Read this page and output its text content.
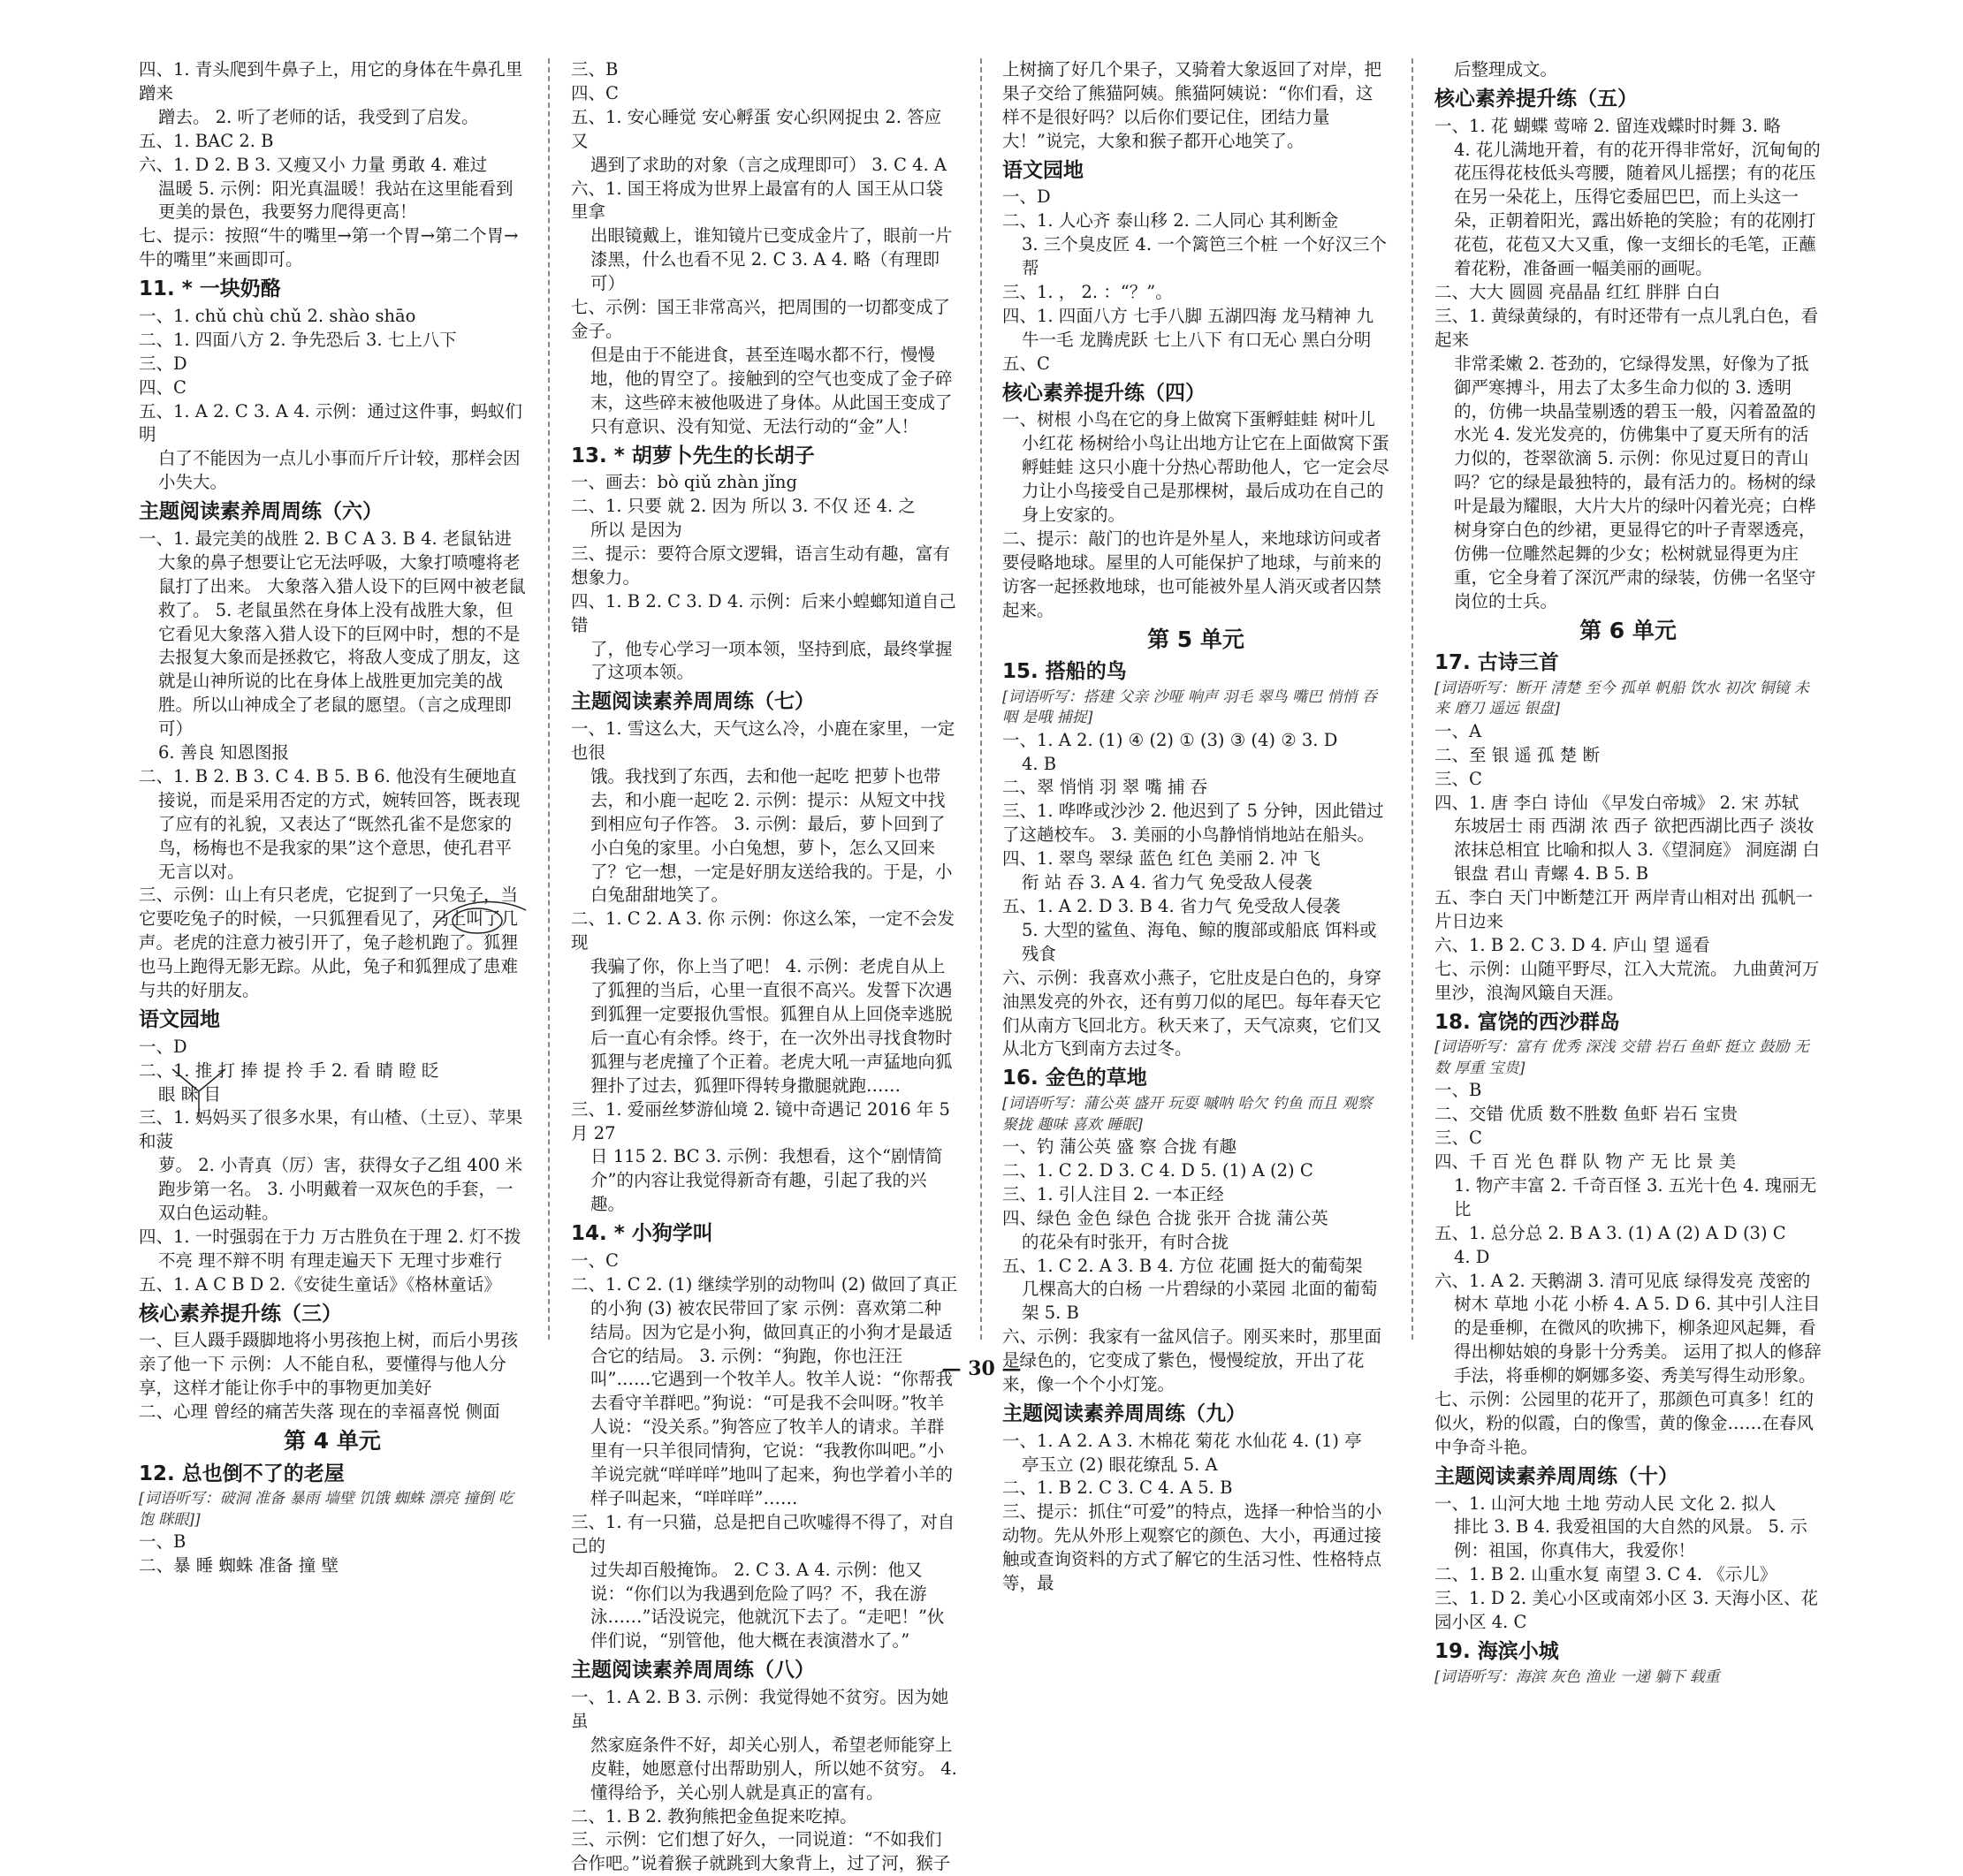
四、1. 青头爬到牛鼻子上，用它的身体在牛鼻孔里蹭来
蹭去。 2. 听了老师的话，我受到了启发。
五、1. BAC 2. B
六、1. D 2. B 3. 又瘦又小 力量 勇敢 4. 难过
温暖 5. 示例：阳光真温暖！我站在这里能看到更美的景色，我要努力爬得更高！
七、提示：按照“牛的嘴里→第一个胃→第二个胃→牛的嘴里”来画即可。
11. * 一块奶酪
一、1. chǔ chù chǔ 2. shào shāo
二、1. 四面八方 2. 争先恐后 3. 七上八下
三、D
四、C
五、1. A 2. C 3. A 4. 示例：通过这件事，蚂蚁们明
白了不能因为一点儿小事而斤斤计较，那样会因小失大。
主题阅读素养周周练（六）
一、1. 最完美的战胜 2. B C A 3. B 4. 老鼠钻进
大象的鼻子想要让它无法呼吸，大象打喷嚏将老鼠打了出来。 大象落入猎人设下的巨网中被老鼠救了。 5. 老鼠虽然在身体上没有战胜大象，但它看见大象落入猎人设下的巨网中时，想的不是去报复大象而是拯救它，将敌人变成了朋友，这就是山神所说的比在身体上战胜更加完美的战胜。所以山神成全了老鼠的愿望。（言之成理即可）
6. 善良 知恩图报
二、1. B 2. B 3. C 4. B 5. B 6. 他没有生硬地直
接说，而是采用否定的方式，婉转回答，既表现了应有的礼貌，又表达了“既然孔雀不是您家的鸟，杨梅也不是我家的果”这个意思，使孔君平无言以对。
三、示例：山上有只老虎，它捉到了一只兔子，当它要吃兔子的时候，一只狐狸看见了，马上叫了几声。老虎的注意力被引开了，兔子趁机跑了。狐狸也马上跑得无影无踪。从此，兔子和狐狸成了患难与共的好朋友。
语文园地
一、D
二、1. 推 打 捧 提 拎 手 2. 看 睛 瞪 眨
眼 眯 目
三、1. 妈妈买了很多水果，有山楂、（土豆）、苹果和菠
萝。 2. 小青真（厉）害，获得女子乙组 400 米跑步第一名。 3. 小明戴着一双灰色的手套，一双白色运动鞋。
四、1. 一时强弱在于力 万古胜负在于理 2. 灯不拨
不亮 理不辩不明 有理走遍天下 无理寸步难行
五、1. A C B D 2.《安徒生童话》《格林童话》
核心素养提升练（三）
一、巨人蹑手蹑脚地将小男孩抱上树，而后小男孩亲了他一下 示例：人不能自私，要懂得与他人分享，这样才能让你手中的事物更加美好
二、心理 曾经的痛苦失落 现在的幸福喜悦 侧面
第 4 单元
12. 总也倒不了的老屋
[词语听写：破洞 准备 暴雨 墙壁 饥饿 蜘蛛 漂亮 撞倒 吃饱 眯眼]]
一、B
二、暴 睡 蜘蛛 准备 撞 壁
三、B
四、C
五、1. 安心睡觉 安心孵蛋 安心织网捉虫 2. 答应 又
遇到了求助的对象（言之成理即可） 3. C 4. A
六、1. 国王将成为世界上最富有的人 国王从口袋里拿
出眼镜戴上，谁知镜片已变成金片了，眼前一片漆黑，什么也看不见 2. C 3. A 4. 略（有理即可）
七、示例：国王非常高兴，把周围的一切都变成了金子。
但是由于不能进食，甚至连喝水都不行，慢慢地，他的胃空了。接触到的空气也变成了金子碎末，这些碎末被他吸进了身体。从此国王变成了只有意识、没有知觉、无法行动的“金”人！
13. * 胡萝卜先生的长胡子
一、画去：bò qiǔ zhàn jǐng
二、1. 只要 就 2. 因为 所以 3. 不仅 还 4. 之
所以 是因为
三、提示：要符合原文逻辑，语言生动有趣，富有想象力。
四、1. B 2. C 3. D 4. 示例：后来小蝗螂知道自己错
了，他专心学习一项本领，坚持到底，最终掌握了这项本领。
主题阅读素养周周练（七）
一、1. 雪这么大，天气这么冷，小鹿在家里，一定也很
饿。我找到了东西，去和他一起吃 把萝卜也带去，和小鹿一起吃 2. 示例：提示：从短文中找到相应句子作答。 3. 示例：最后，萝卜回到了小白兔的家里。小白兔想，萝卜，怎么又回来了？它一想，一定是好朋友送给我的。于是，小白兔甜甜地笑了。
二、1. C 2. A 3. 你 示例：你这么笨，一定不会发现
我骗了你，你上当了吧！ 4. 示例：老虎自从上了狐狸的当后，心里一直很不高兴。发誓下次遇到狐狸一定要报仇雪恨。狐狸自从上回侥幸逃脱后一直心有余悸。终于，在一次外出寻找食物时狐狸与老虎撞了个正着。老虎大吼一声猛地向狐狸扑了过去，狐狸吓得转身撒腿就跑……
三、1. 爱丽丝梦游仙境 2. 镜中奇遇记 2016 年 5 月 27
日 115 2. BC 3. 示例：我想看，这个“剧情简介”的内容让我觉得新奇有趣，引起了我的兴趣。
14. * 小狗学叫
一、C
二、1. C 2. (1) 继续学别的动物叫 (2) 做回了真正
的小狗 (3) 被农民带回了家 示例：喜欢第二种结局。因为它是小狗，做回真正的小狗才是最适合它的结局。 3. 示例：“狗跑，你也汪汪叫”……它遇到一个牧羊人。牧羊人说：“你帮我去看守羊群吧。”狗说：“可是我不会叫呀。”牧羊人说：“没关系。”狗答应了牧羊人的请求。羊群里有一只羊很同情狗，它说：“我教你叫吧。”小羊说完就“咩咩咩”地叫了起来，狗也学着小羊的样子叫起来，“咩咩咩”……
三、1. 有一只猫，总是把自己吹嘘得不得了，对自己的
过失却百般掩饰。 2. C 3. A 4. 示例：他又说：“你们以为我遇到危险了吗？不，我在游泳……”话没说完，他就沉下去了。“走吧！”伙伴们说，“别管他，他大概在表演潜水了。”
主题阅读素养周周练（八）
一、1. A 2. B 3. 示例：我觉得她不贫穷。因为她虽
然家庭条件不好，却关心别人，希望老师能穿上皮鞋，她愿意付出帮助别人，所以她不贫穷。 4. 懂得给予，关心别人就是真正的富有。
二、1. B 2. 教狗熊把金鱼捉来吃掉。
三、示例：它们想了好久，一同说道：“不如我们合作吧。”说着猴子就跳到大象背上，过了河，猴子
上树摘了好几个果子，又骑着大象返回了对岸，把果子交给了熊猫阿姨。熊猫阿姨说：“你们看，这样不是很好吗？以后你们要记住，团结力量大！”说完，大象和猴子都开心地笑了。
语文园地
一、D
二、1. 人心齐 泰山移 2. 二人同心 其利断金
3. 三个臭皮匠 4. 一个篱笆三个桩 一个好汉三个帮
三、1. ， 2. ：“？”。
四、1. 四面八方 七手八脚 五湖四海 龙马精神 九
牛一毛 龙腾虎跃 七上八下 有口无心 黑白分明
五、C
核心素养提升练（四）
一、树根 小鸟在它的身上做窝下蛋孵蛙蛙 树叶儿
小红花 杨树给小鸟让出地方让它在上面做窝下蛋孵蛙蛙 这只小鹿十分热心帮助他人，它一定会尽力让小鸟接受自己是那棵树，最后成功在自己的身上安家的。
二、提示：敲门的也许是外星人，来地球访问或者要侵略地球。屋里的人可能保护了地球，与前来的访客一起拯救地球，也可能被外星人消灭或者囚禁起来。
第 5 单元
15. 搭船的鸟
[词语听写：搭建 父亲 沙哑 响声 羽毛 翠鸟 嘴巴 悄悄 吞咽 是哦 捕捉]
一、1. A 2. (1) ④ (2) ① (3) ③ (4) ② 3. D
4. B
二、翠 悄悄 羽 翠 嘴 捕 吞
三、1. 哗哗或沙沙 2. 他迟到了 5 分钟，因此错过了这趟校车。 3. 美丽的小鸟静悄悄地站在船头。
四、1. 翠鸟 翠绿 蓝色 红色 美丽 2. 冲 飞
衔 站 吞 3. A 4. 省力气 免受敌人侵袭
五、1. A 2. D 3. B 4. 省力气 免受敌人侵袭
5. 大型的鲨鱼、海龟、鲸的腹部或船底 饵料或残食
六、示例：我喜欢小燕子，它肚皮是白色的，身穿油黑发亮的外衣，还有剪刀似的尾巴。每年春天它们从南方飞回北方。秋天来了，天气凉爽，它们又从北方飞到南方去过冬。
16. 金色的草地
[词语听写：蒲公英 盛开 玩耍 嘁呐 哈欠 钓鱼 而且 观察 聚拢 趣味 喜欢 睡眠]
一、钓 蒲公英 盛 察 合拢 有趣
二、1. C 2. D 3. C 4. D 5. (1) A (2) C
三、1. 引人注目 2. 一本正经
四、绿色 金色 绿色 合拢 张开 合拢 蒲公英
的花朵有时张开，有时合拢
五、1. C 2. A 3. B 4. 方位 花圃 挺大的葡萄架
几棵高大的白杨 一片碧绿的小菜园 北面的葡萄架 5. B
六、示例：我家有一盆风信子。刚买来时，那里面是绿色的，它变成了紫色，慢慢绽放，开出了花来，像一个个小灯笼。
主题阅读素养周周练（九）
一、1. A 2. A 3. 木棉花 菊花 水仙花 4. (1) 亭
亭玉立 (2) 眼花缭乱 5. A
二、1. B 2. C 3. C 4. A 5. B
三、提示：抓住“可爱”的特点，选择一种恰当的小动物。先从外形上观察它的颜色、大小，再通过接触或查询资料的方式了解它的生活习性、性格特点等，最
后整理成文。
核心素养提升练（五）
一、1. 花 蝴蝶 莺啼 2. 留连戏蝶时时舞 3. 略
4. 花儿满地开着，有的花开得非常好，沉甸甸的花压得花枝低头弯腰，随着风儿摇摆；有的花压在另一朵花上，压得它委屈巴巴，而上头这一朵，正朝着阳光，露出娇艳的笑脸；有的花刚打花苞，花苞又大又重，像一支细长的毛笔，正蘸着花粉，准备画一幅美丽的画呢。
二、大大 圆圆 亮晶晶 红红 胖胖 白白
三、1. 黄绿黄绿的，有时还带有一点儿乳白色，看起来
非常柔嫩 2. 苍劲的，它绿得发黑，好像为了抵御严寒搏斗，用去了太多生命力似的 3. 透明的，仿佛一块晶莹剔透的碧玉一般，闪着盈盈的水光 4. 发光发亮的，仿佛集中了夏天所有的活力似的，苍翠欲滴 5. 示例：你见过夏日的青山吗？它的绿是最独特的，最有活力的。杨树的绿叶是最为耀眼，大片大片的绿叶闪着光亮；白桦树身穿白色的纱裙，更显得它的叶子青翠透亮，仿佛一位雕然起舞的少女；松树就显得更为庄重，它全身着了深沉严肃的绿装，仿佛一名坚守岗位的士兵。
第 6 单元
17. 古诗三首
[词语听写：断开 清楚 至今 孤单 帆船 饮水 初次 铜镜 未来 磨刀 遥远 银盘]
一、A
二、至 银 遥 孤 楚 断
三、C
四、1. 唐 李白 诗仙 《早发白帝城》 2. 宋 苏轼
东坡居士 雨 西湖 浓 西子 欲把西湖比西子 淡妆浓抹总相宜 比喻和拟人 3.《望洞庭》 洞庭湖 白银盘 君山 青螺 4. B 5. B
五、李白 天门中断楚江开 两岸青山相对出 孤帆一片日边来
六、1. B 2. C 3. D 4. 庐山 望 遥看
七、示例：山随平野尽，江入大荒流。 九曲黄河万里沙，浪淘风簸自天涯。
18. 富饶的西沙群岛
[词语听写：富有 优秀 深浅 交错 岩石 鱼虾 挺立 鼓励 无数 厚重 宝贵]
一、B
二、交错 优质 数不胜数 鱼虾 岩石 宝贵
三、C
四、千 百 光 色 群 队 物 产 无 比 景 美
1. 物产丰富 2. 千奇百怪 3. 五光十色 4. 瑰丽无比
五、1. 总分总 2. B A 3. (1) A (2) A D (3) C
4. D
六、1. A 2. 天鹅湖 3. 清可见底 绿得发亮 茂密的
树木 草地 小花 小桥 4. A 5. D 6. 其中引人注目的是垂柳，在微风的吹拂下，柳条迎风起舞，看得出柳姑娘的身影十分秀美。 运用了拟人的修辞手法，将垂柳的婀娜多姿、秀美写得生动形象。
七、示例：公园里的花开了，那颜色可真多！红的似火，粉的似霞，白的像雪，黄的像金……在春风中争奇斗艳。
主题阅读素养周周练（十）
一、1. 山河大地 土地 劳动人民 文化 2. 拟人
排比 3. B 4. 我爱祖国的大自然的风景。 5. 示例：祖国，你真伟大，我爱你！
二、1. B 2. 山重水复 南望 3. C 4. 《示儿》
三、1. D 2. 美心小区或南郊小区 3. 天海小区、花园小区 4. C
19. 海滨小城
[词语听写：海滨 灰色 渔业 一递 躺下 载重
— 30 —
